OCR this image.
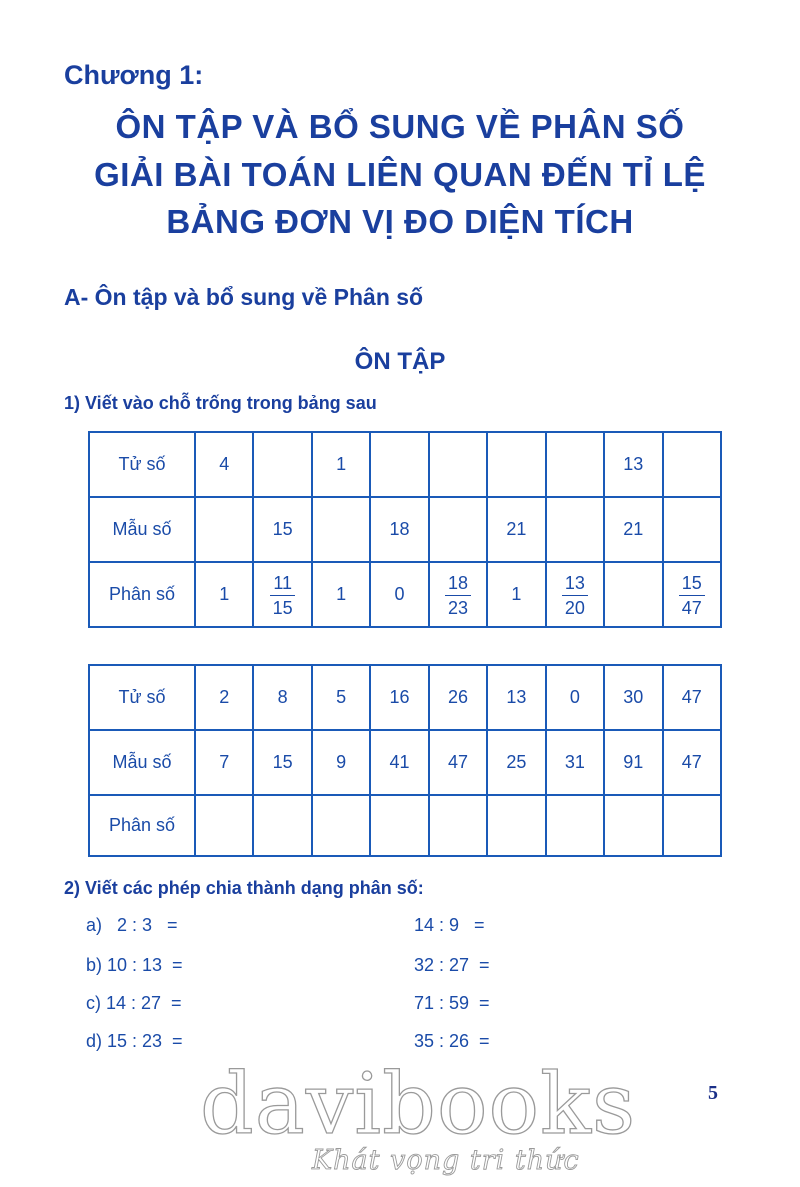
Chương 1:
ÔN TẬP VÀ BỔ SUNG VỀ PHÂN SỐ
GIẢI BÀI TOÁN LIÊN QUAN ĐẾN TỈ LỆ
BẢNG ĐƠN VỊ ĐO DIỆN TÍCH
A- Ôn tập và bổ sung về Phân số
ÔN TẬP
1) Viết vào chỗ trống trong bảng sau
Tử số	4		1					13	
Mẫu số		15		18		21		21	
Phân số	1	$\frac{11}{15}$	1	0	$\frac{18}{23}$	1	$\frac{13}{20}$		$\frac{15}{47}$
Tử số	2	8	5	16	26	13	0	30	47
Mẫu số	7	15	9	41	47	25	31	91	47
Phân số									
2) Viết các phép chia thành dạng phân số:
a)   2 : 3   =	14 : 9   =
b) 10 : 13  =	32 : 27  =
c) 14 : 27  =	71 : 59  =
d) 15 : 23  =	35 : 26  =
5
davibooks
Khát vọng tri thức
